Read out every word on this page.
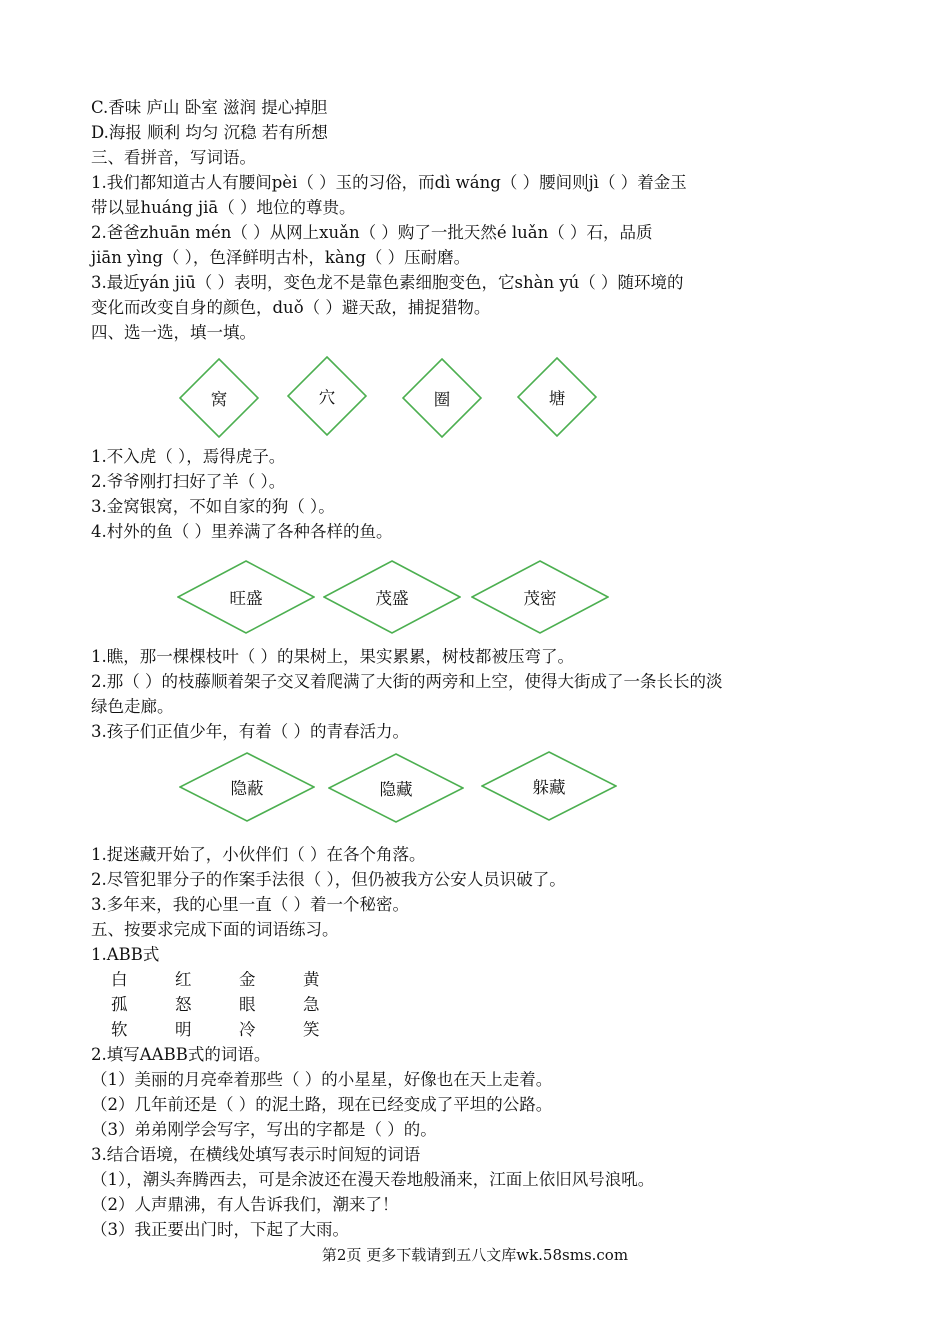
C.香味 庐山 卧室 滋润 提心掉胆
D.海报 顺利 均匀 沉稳 若有所想
三、看拼音，写词语。
1.我们都知道古人有腰间pèi（ ）玉的习俗，而dì wáng（ ）腰间则jì（ ）着金玉
带以显huáng jiā（ ）地位的尊贵。
2.爸爸zhuān mén（ ）从网上xuǎn（ ）购了一批天然é luǎn（ ）石，品质
jiān yìng（ ），色泽鲜明古朴，kàng（ ）压耐磨。
3.最近yán jiū（ ）表明，变色龙不是靠色素细胞变色，它shàn yú（ ）随环境的
变化而改变自身的颜色，duǒ（ ）避天敌，捕捉猎物。
四、选一选，填一填。
窝	穴	圈	塘
1.不入虎（ ），焉得虎子。
2.爷爷刚打扫好了羊（ ）。
3.金窝银窝，不如自家的狗（ ）。
4.村外的鱼（ ）里养满了各种各样的鱼。
旺盛	茂盛	茂密
1.瞧，那一棵棵枝叶（ ）的果树上，果实累累，树枝都被压弯了。
2.那（ ）的枝藤顺着架子交叉着爬满了大街的两旁和上空，使得大街成了一条长长的淡
绿色走廊。
3.孩子们正值少年，有着（ ）的青春活力。
隐蔽	隐藏	躲藏
1.捉迷藏开始了，小伙伴们（ ）在各个角落。
2.尽管犯罪分子的作案手法很（ ），但仍被我方公安人员识破了。
3.多年来，我的心里一直（ ）着一个秘密。
五、按要求完成下面的词语练习。
1.ABB式
白	红	金	黄
孤	怒	眼	急
软	明	冷	笑
2.填写AABB式的词语。
（1）美丽的月亮牵着那些（ ）的小星星，好像也在天上走着。
（2）几年前还是（ ）的泥土路，现在已经变成了平坦的公路。
（3）弟弟刚学会写字，写出的字都是（ ）的。
3.结合语境，在横线处填写表示时间短的词语
（1），潮头奔腾西去，可是余波还在漫天卷地般涌来，江面上依旧风号浪吼。
（2）人声鼎沸，有人告诉我们，潮来了！
（3）我正要出门时，下起了大雨。
第2页 更多下载请到五八文库wk.58sms.com
